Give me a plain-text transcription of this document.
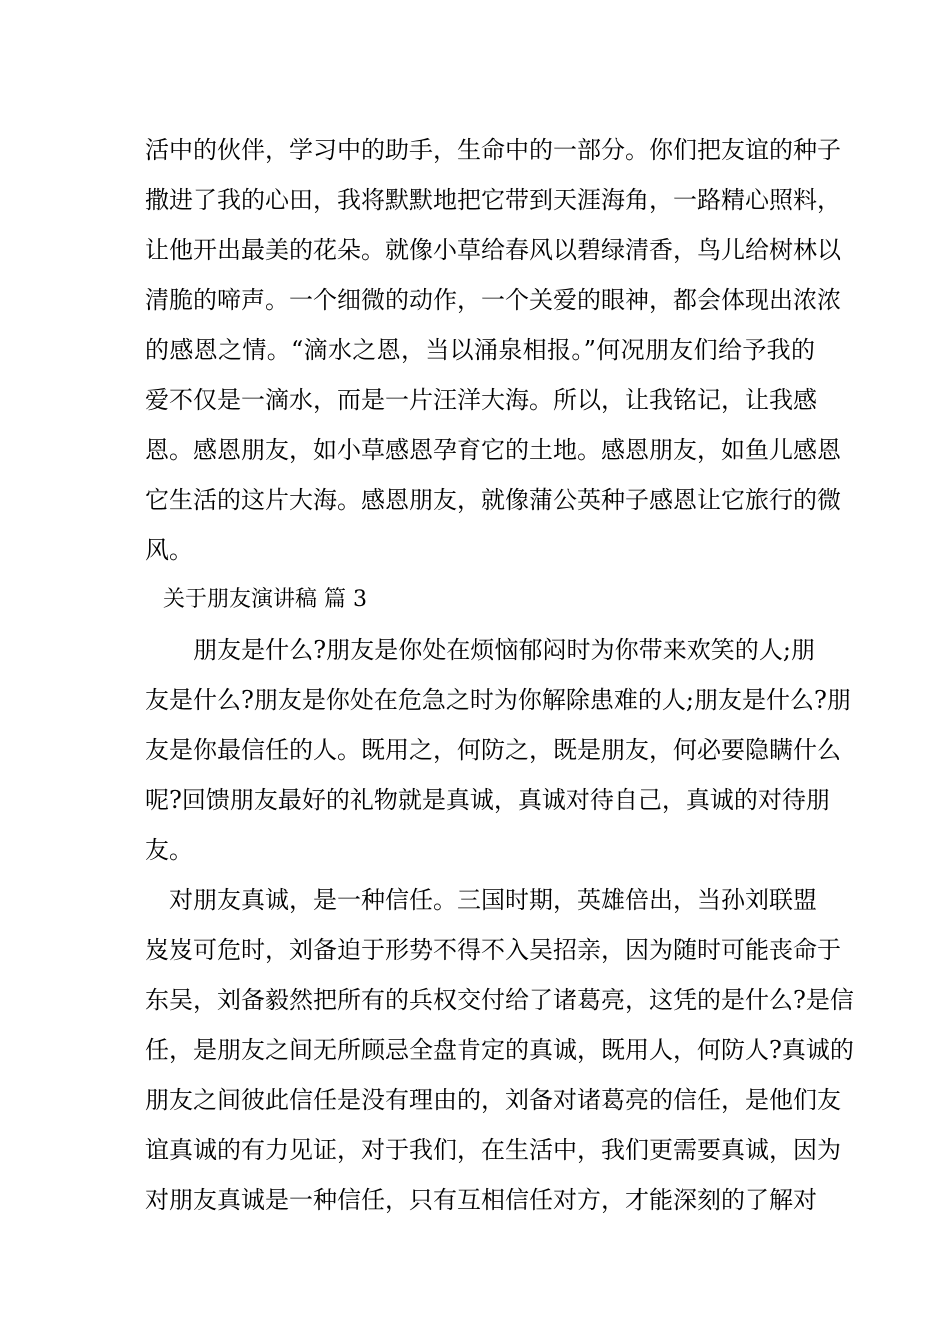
活中的伙伴，学习中的助手，生命中的一部分。你们把友谊的种子
撒进了我的心田，我将默默地把它带到天涯海角，一路精心照料，
让他开出最美的花朵。就像小草给春风以碧绿清香，鸟儿给树林以
清脆的啼声。一个细微的动作，一个关爱的眼神，都会体现出浓浓
的感恩之情。“滴水之恩，当以涌泉相报。”何况朋友们给予我的
爱不仅是一滴水，而是一片汪洋大海。所以，让我铭记，让我感
恩。感恩朋友，如小草感恩孕育它的土地。感恩朋友，如鱼儿感恩
它生活的这片大海。感恩朋友，就像蒲公英种子感恩让它旅行的微
风。
关于朋友演讲稿 篇 3
　　朋友是什么?朋友是你处在烦恼郁闷时为你带来欢笑的人;朋
友是什么?朋友是你处在危急之时为你解除患难的人;朋友是什么?朋
友是你最信任的人。既用之，何防之，既是朋友，何必要隐瞒什么
呢?回馈朋友最好的礼物就是真诚，真诚对待自己，真诚的对待朋
友。
　对朋友真诚，是一种信任。三国时期，英雄倍出，当孙刘联盟
岌岌可危时，刘备迫于形势不得不入吴招亲，因为随时可能丧命于
东吴，刘备毅然把所有的兵权交付给了诸葛亮，这凭的是什么?是信
任，是朋友之间无所顾忌全盘肯定的真诚，既用人，何防人?真诚的
朋友之间彼此信任是没有理由的，刘备对诸葛亮的信任，是他们友
谊真诚的有力见证，对于我们，在生活中，我们更需要真诚，因为
对朋友真诚是一种信任，只有互相信任对方，才能深刻的了解对
